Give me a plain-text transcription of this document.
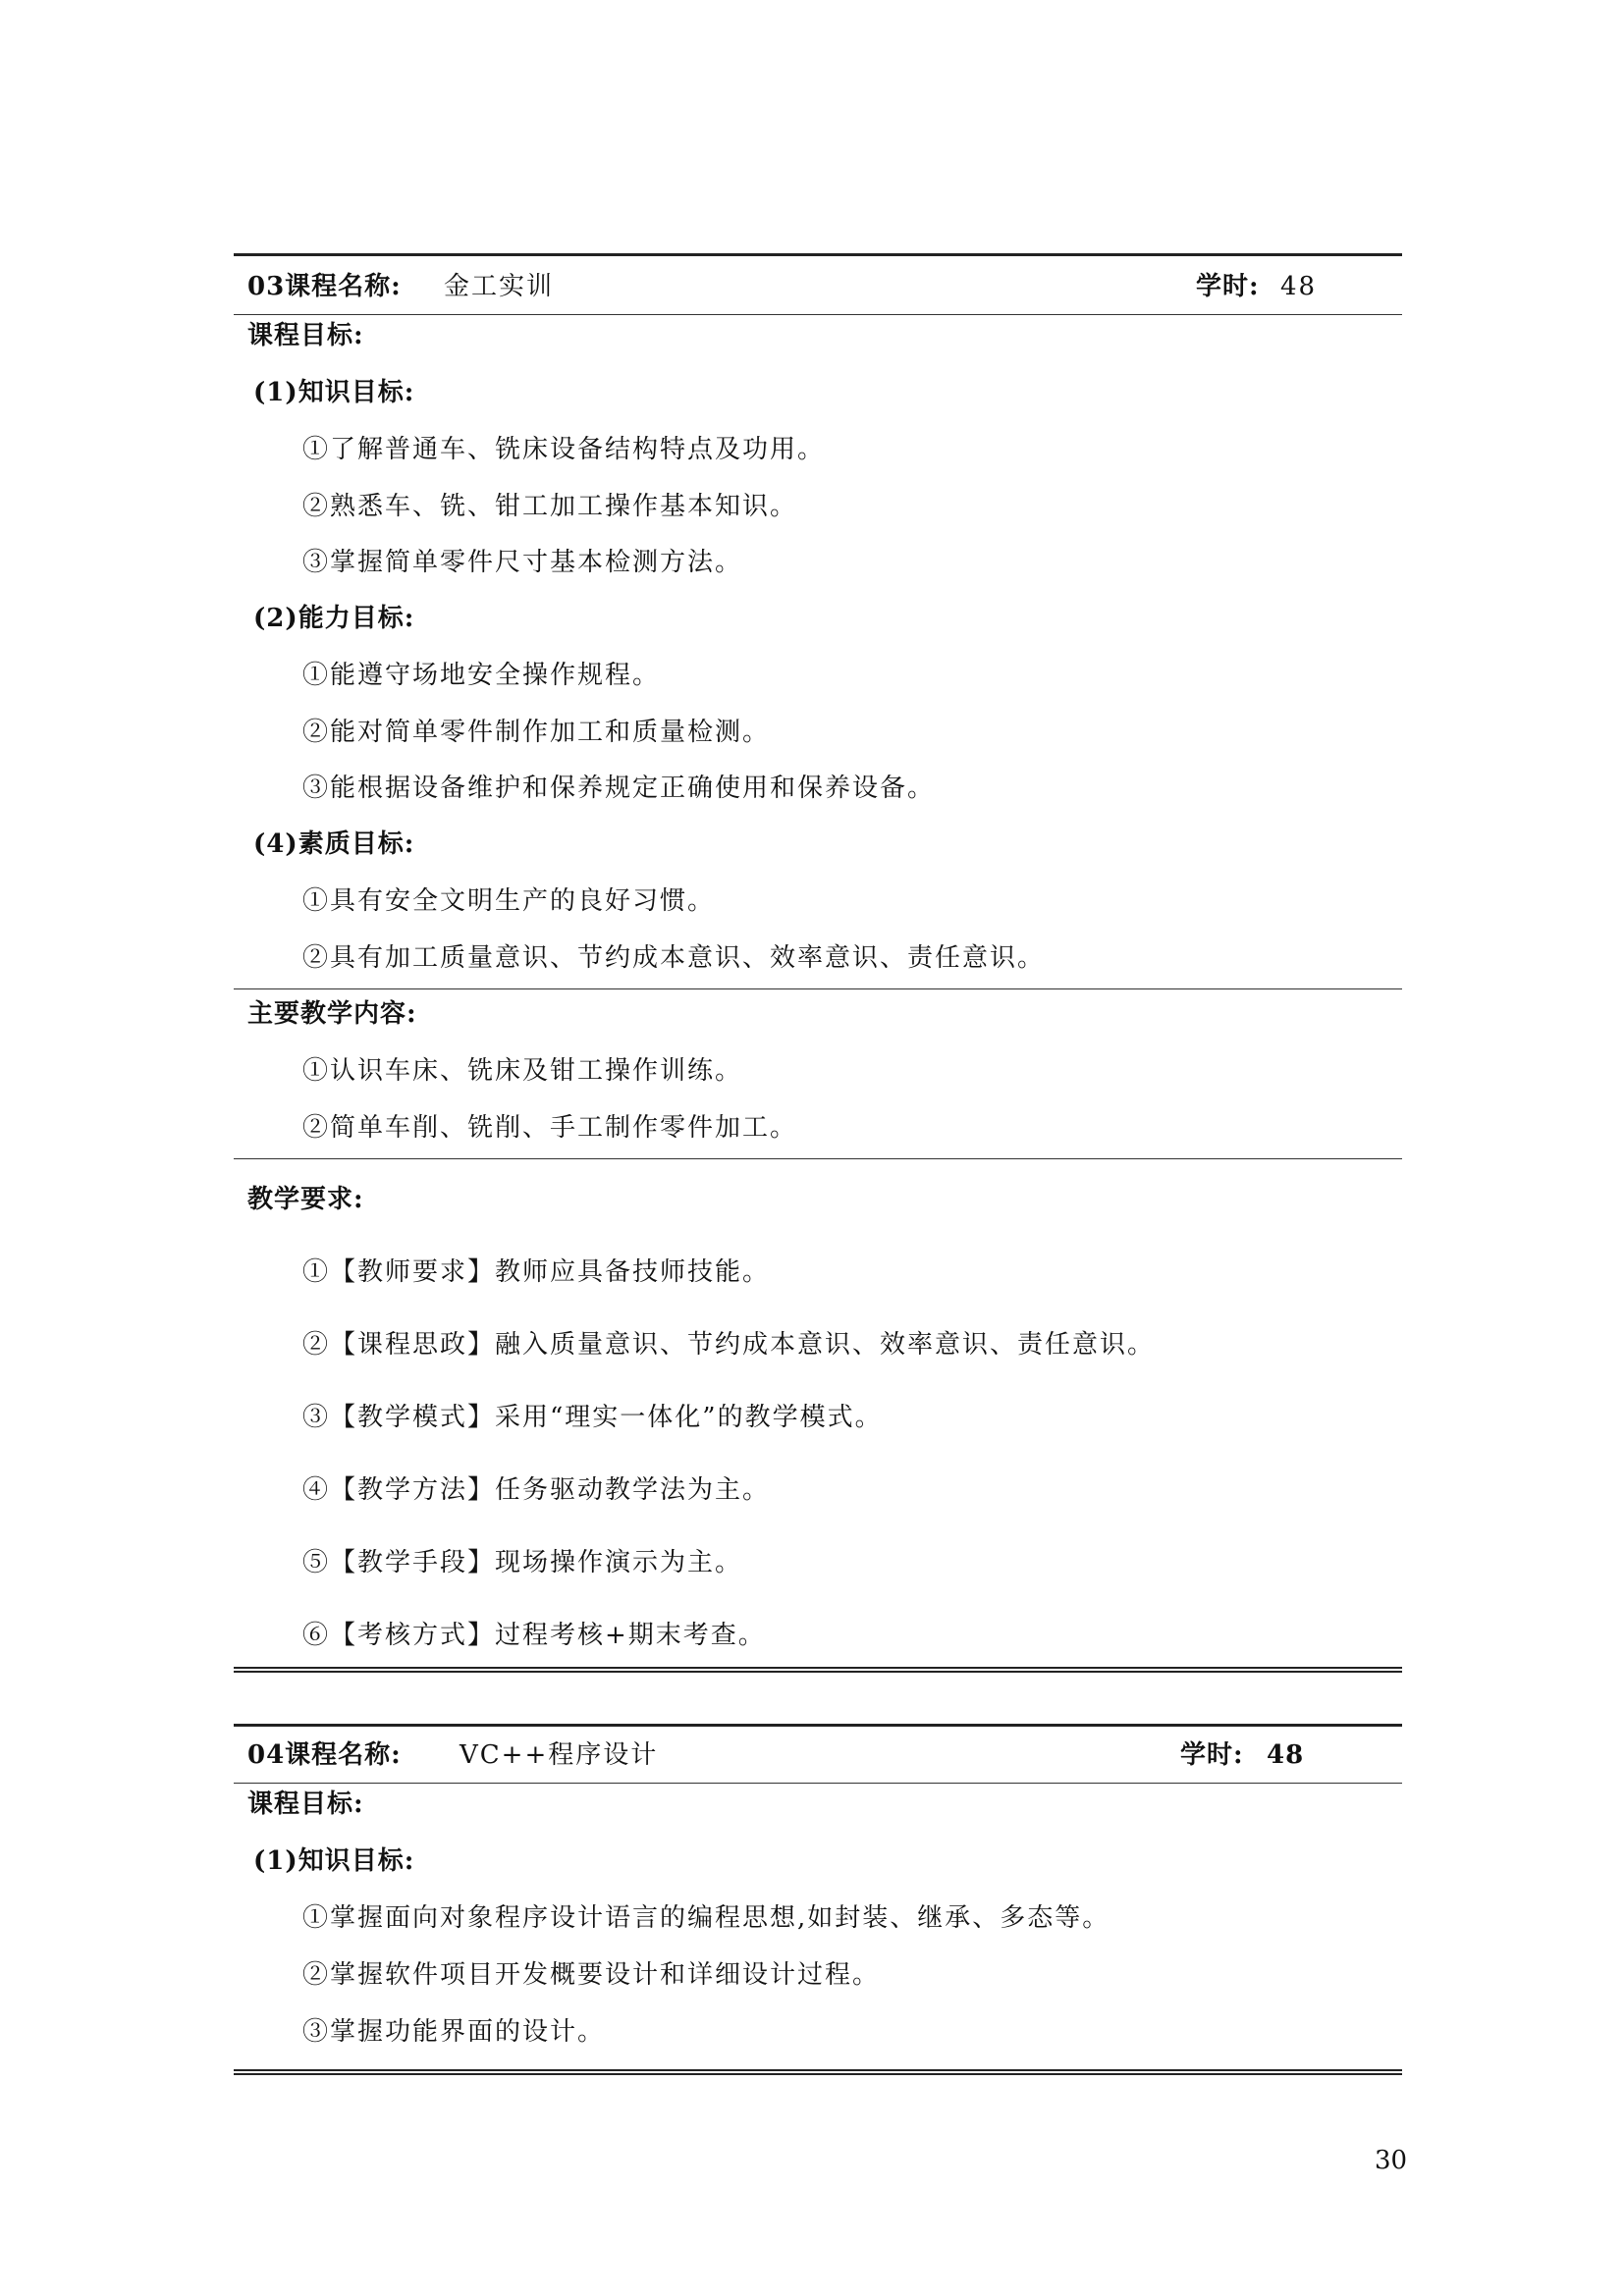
03课程名称: 金工实训	学时: 48
课程目标:
(1)知识目标:
①了解普通车、铣床设备结构特点及功用。
②熟悉车、铣、钳工加工操作基本知识。
③掌握简单零件尺寸基本检测方法。
(2)能力目标:
①能遵守场地安全操作规程。
②能对简单零件制作加工和质量检测。
③能根据设备维护和保养规定正确使用和保养设备。
(4)素质目标:
①具有安全文明生产的良好习惯。
②具有加工质量意识、节约成本意识、效率意识、责任意识。
主要教学内容:
①认识车床、铣床及钳工操作训练。
②简单车削、铣削、手工制作零件加工。
教学要求:
①【教师要求】教师应具备技师技能。
②【课程思政】融入质量意识、节约成本意识、效率意识、责任意识。
③【教学模式】采用“理实一体化”的教学模式。
④【教学方法】任务驱动教学法为主。
⑤【教学手段】现场操作演示为主。
⑥【考核方式】过程考核+期末考查。
04课程名称: VC++程序设计	学时: 48
课程目标:
(1)知识目标:
①掌握面向对象程序设计语言的编程思想,如封装、继承、多态等。
②掌握软件项目开发概要设计和详细设计过程。
③掌握功能界面的设计。
30
